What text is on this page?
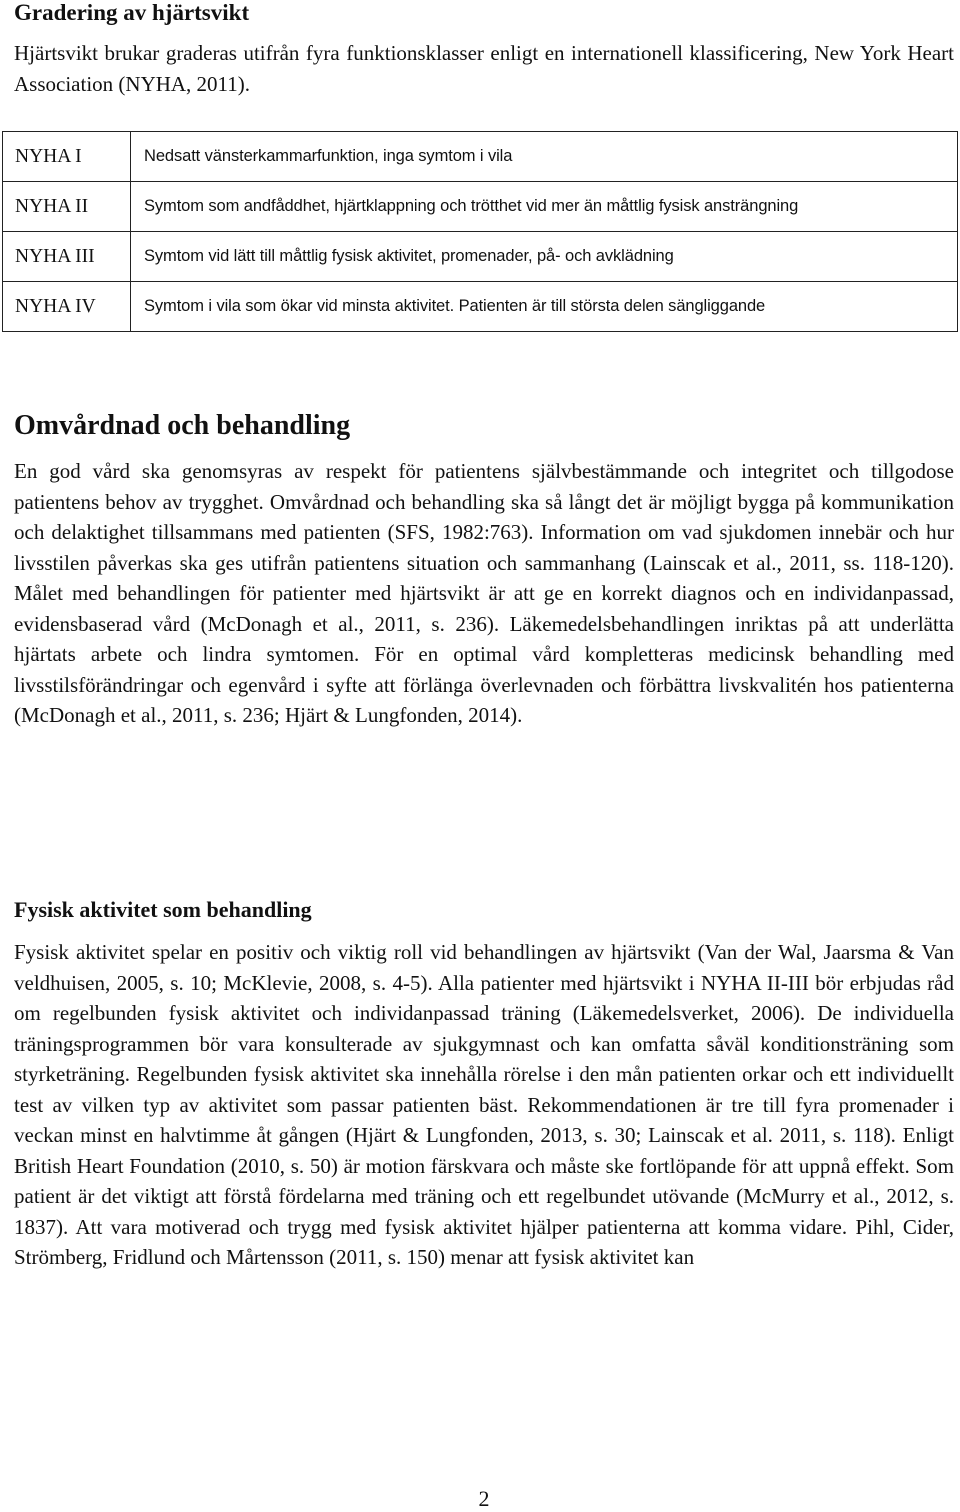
Gradering av hjärtsvikt

Hjärtsvikt brukar graderas utifrån fyra funktionsklasser enligt en internationell klassificering, New York Heart Association (NYHA, 2011).

NYHA I	Nedsatt vänsterkammarfunktion, inga symtom i vila
NYHA II	Symtom som andfåddhet, hjärtklappning och trötthet vid mer än måttlig fysisk ansträngning
NYHA III	Symtom vid lätt till måttlig fysisk aktivitet, promenader, på- och avklädning
NYHA IV	Symtom i vila som ökar vid minsta aktivitet. Patienten är till största delen sängliggande
Omvårdnad och behandling

En god vård ska genomsyras av respekt för patientens självbestämmande och integritet och tillgodose patientens behov av trygghet. Omvårdnad och behandling ska så långt det är möjligt bygga på kommunikation och delaktighet tillsammans med patienten (SFS, 1982:763). Information om vad sjukdomen innebär och hur livsstilen påverkas ska ges utifrån patientens situation och sammanhang (Lainscak et al., 2011, ss. 118-120). Målet med behandlingen för patienter med hjärtsvikt är att ge en korrekt diagnos och en individanpassad, evidensbaserad vård (McDonagh et al., 2011, s. 236). Läkemedelsbehandlingen inriktas på att underlätta hjärtats arbete och lindra symtomen. För en optimal vård kompletteras medicinsk behandling med livsstilsförändringar och egenvård i syfte att förlänga överlevnaden och förbättra livskvalitén hos patienterna (McDonagh et al., 2011, s. 236; Hjärt & Lungfonden, 2014).

Fysisk aktivitet som behandling

Fysisk aktivitet spelar en positiv och viktig roll vid behandlingen av hjärtsvikt (Van der Wal, Jaarsma & Van veldhuisen, 2005, s. 10; McKlevie, 2008, s. 4-5). Alla patienter med hjärtsvikt i NYHA II-III bör erbjudas råd om regelbunden fysisk aktivitet och individanpassad träning (Läkemedelsverket, 2006). De individuella träningsprogrammen bör vara konsulterade av sjukgymnast och kan omfatta såväl konditionsträning som styrketräning. Regelbunden fysisk aktivitet ska innehålla rörelse i den mån patienten orkar och ett individuellt test av vilken typ av aktivitet som passar patienten bäst. Rekommendationen är tre till fyra promenader i veckan minst en halvtimme åt gången (Hjärt & Lungfonden, 2013, s. 30; Lainscak et al. 2011, s. 118). Enligt British Heart Foundation (2010, s. 50) är motion färskvara och måste ske fortlöpande för att uppnå effekt. Som patient är det viktigt att förstå fördelarna med träning och ett regelbundet utövande (McMurry et al., 2012, s. 1837). Att vara motiverad och trygg med fysisk aktivitet hjälper patienterna att komma vidare. Pihl, Cider, Strömberg, Fridlund och Mårtensson (2011, s. 150) menar att fysisk aktivitet kan

2
